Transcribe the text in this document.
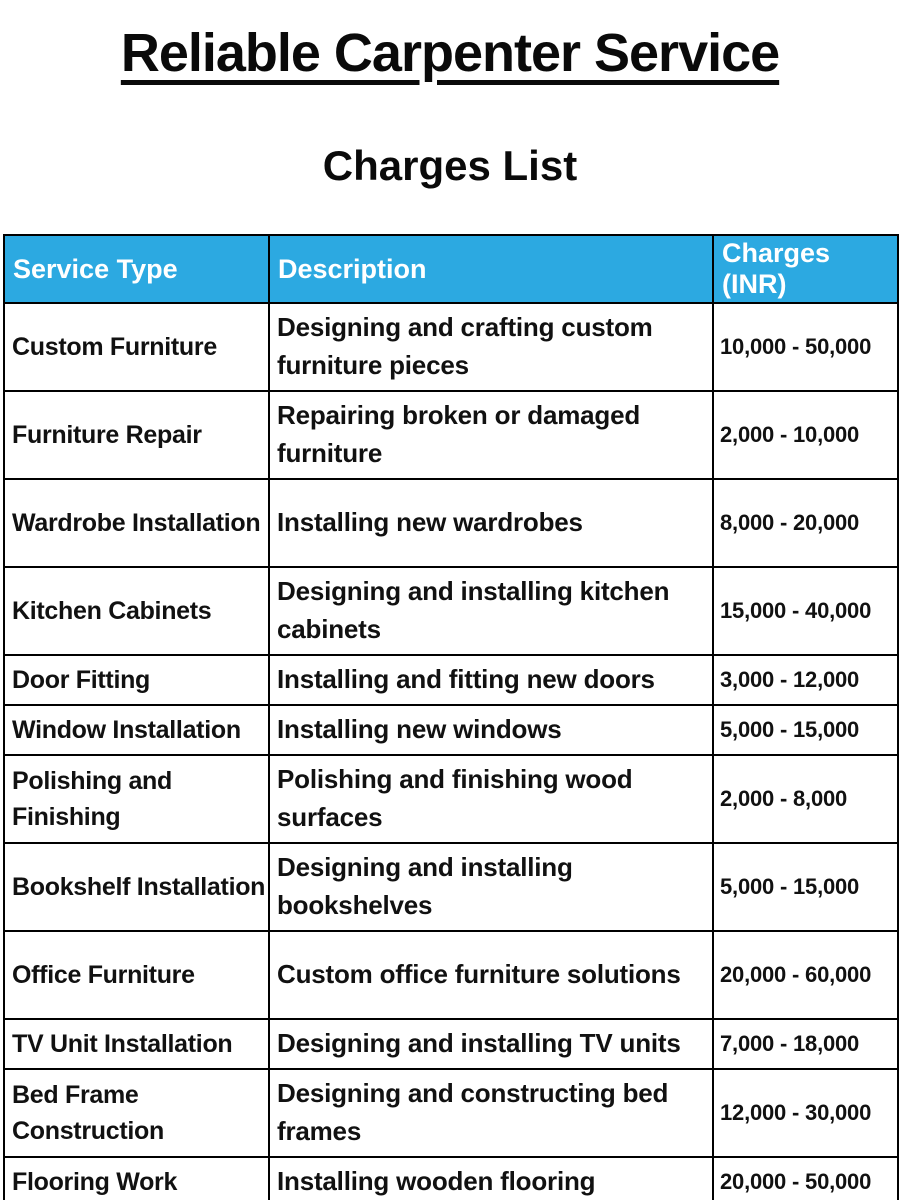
Reliable Carpenter Service
Charges List
Service Type	Description	Charges (INR)
Custom Furniture	Designing and crafting custom furniture pieces	10,000 - 50,000
Furniture Repair	Repairing broken or damaged furniture	2,000 - 10,000
Wardrobe Installation	Installing new wardrobes	8,000 - 20,000
Kitchen Cabinets	Designing and installing kitchen cabinets	15,000 - 40,000
Door Fitting	Installing and fitting new doors	3,000 - 12,000
Window Installation	Installing new windows	5,000 - 15,000
Polishing and Finishing	Polishing and finishing wood surfaces	2,000 - 8,000
Bookshelf Installation	Designing and installing bookshelves	5,000 - 15,000
Office Furniture	Custom office furniture solutions	20,000 - 60,000
TV Unit Installation	Designing and installing TV units	7,000 - 18,000
Bed Frame Construction	Designing and constructing bed frames	12,000 - 30,000
Flooring Work	Installing wooden flooring	20,000 - 50,000
